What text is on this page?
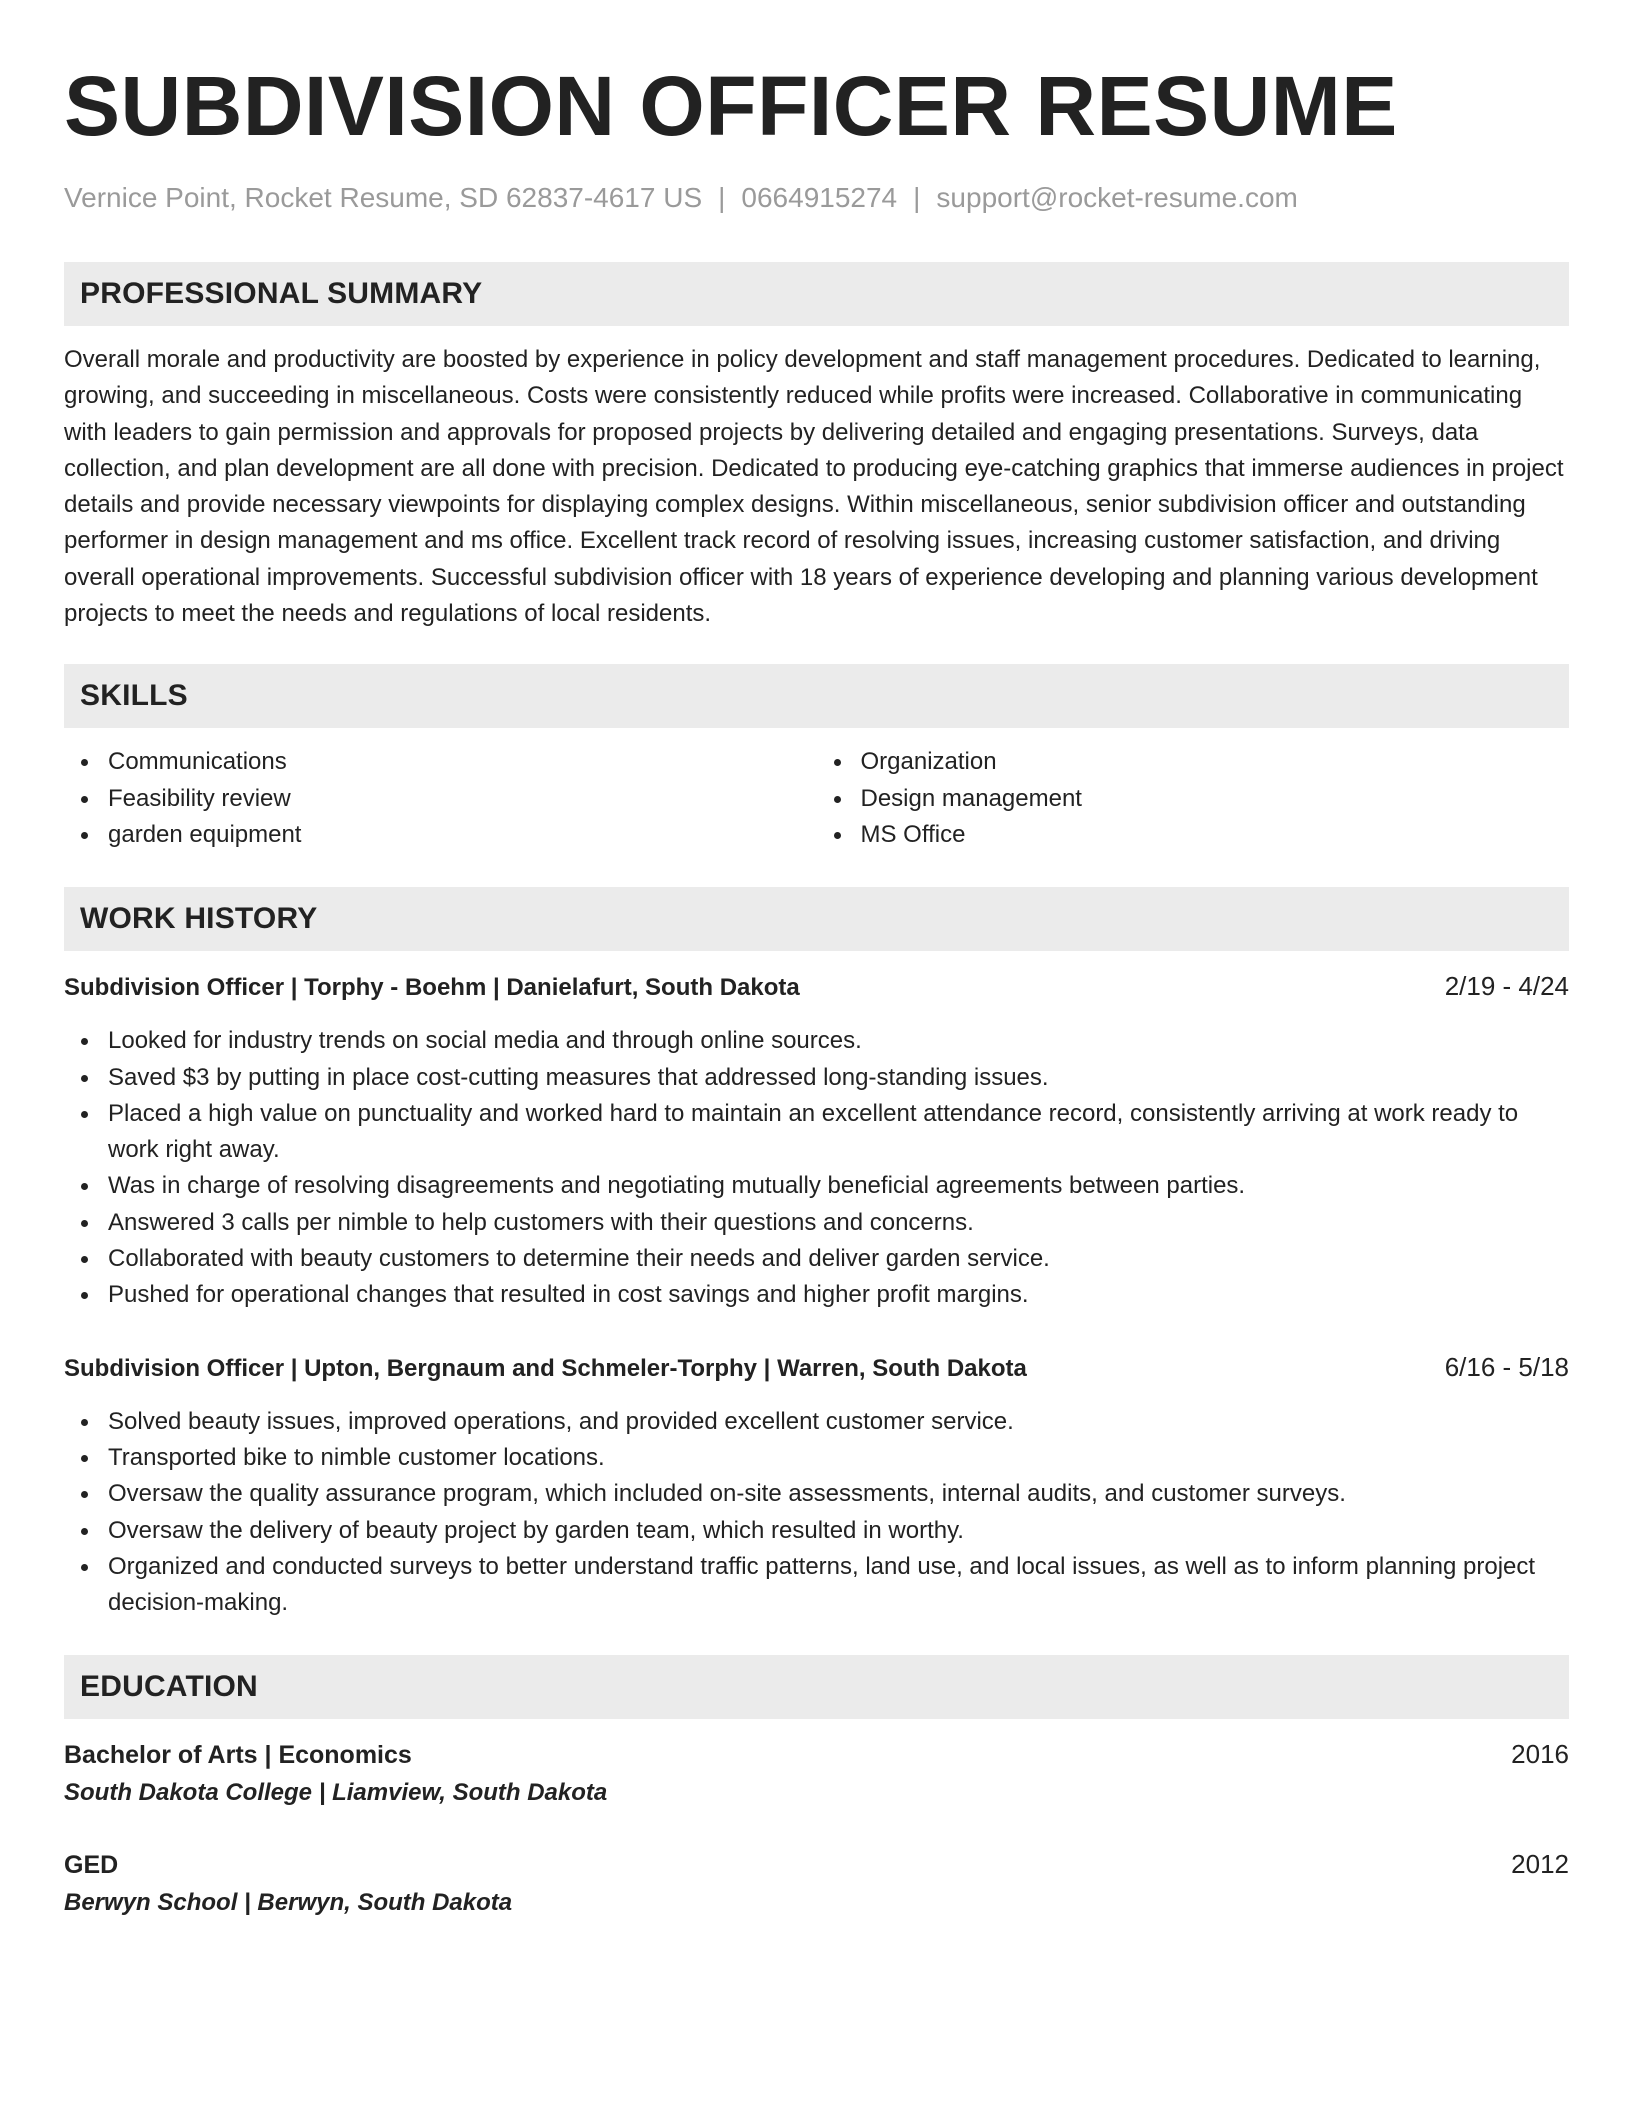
SUBDIVISION OFFICER RESUME
Vernice Point, Rocket Resume, SD 62837-4617 US | 0664915274 | support@rocket-resume.com
PROFESSIONAL SUMMARY

Overall morale and productivity are boosted by experience in policy development and staff management procedures. Dedicated to learning, growing, and succeeding in miscellaneous. Costs were consistently reduced while profits were increased. Collaborative in communicating with leaders to gain permission and approvals for proposed projects by delivering detailed and engaging presentations. Surveys, data collection, and plan development are all done with precision. Dedicated to producing eye-catching graphics that immerse audiences in project details and provide necessary viewpoints for displaying complex designs. Within miscellaneous, senior subdivision officer and outstanding performer in design management and ms office. Excellent track record of resolving issues, increasing customer satisfaction, and driving overall operational improvements. Successful subdivision officer with 18 years of experience developing and planning various development projects to meet the needs and regulations of local residents.

SKILLS
Communications
Feasibility review
garden equipment
Organization
Design management
MS Office
WORK HISTORY
Subdivision Officer | Torphy - Boehm | Danielafurt, South Dakota	2/19 - 4/24
Looked for industry trends on social media and through online sources.
Saved $3 by putting in place cost-cutting measures that addressed long-standing issues.
Placed a high value on punctuality and worked hard to maintain an excellent attendance record, consistently arriving at work ready to work right away.
Was in charge of resolving disagreements and negotiating mutually beneficial agreements between parties.
Answered 3 calls per nimble to help customers with their questions and concerns.
Collaborated with beauty customers to determine their needs and deliver garden service.
Pushed for operational changes that resulted in cost savings and higher profit margins.
Subdivision Officer | Upton, Bergnaum and Schmeler-Torphy | Warren, South Dakota	6/16 - 5/18
Solved beauty issues, improved operations, and provided excellent customer service.
Transported bike to nimble customer locations.
Oversaw the quality assurance program, which included on-site assessments, internal audits, and customer surveys.
Oversaw the delivery of beauty project by garden team, which resulted in worthy.
Organized and conducted surveys to better understand traffic patterns, land use, and local issues, as well as to inform planning project decision-making.
EDUCATION
Bachelor of Arts | Economics	2016
South Dakota College | Liamview, South Dakota
GED	2012
Berwyn School | Berwyn, South Dakota
